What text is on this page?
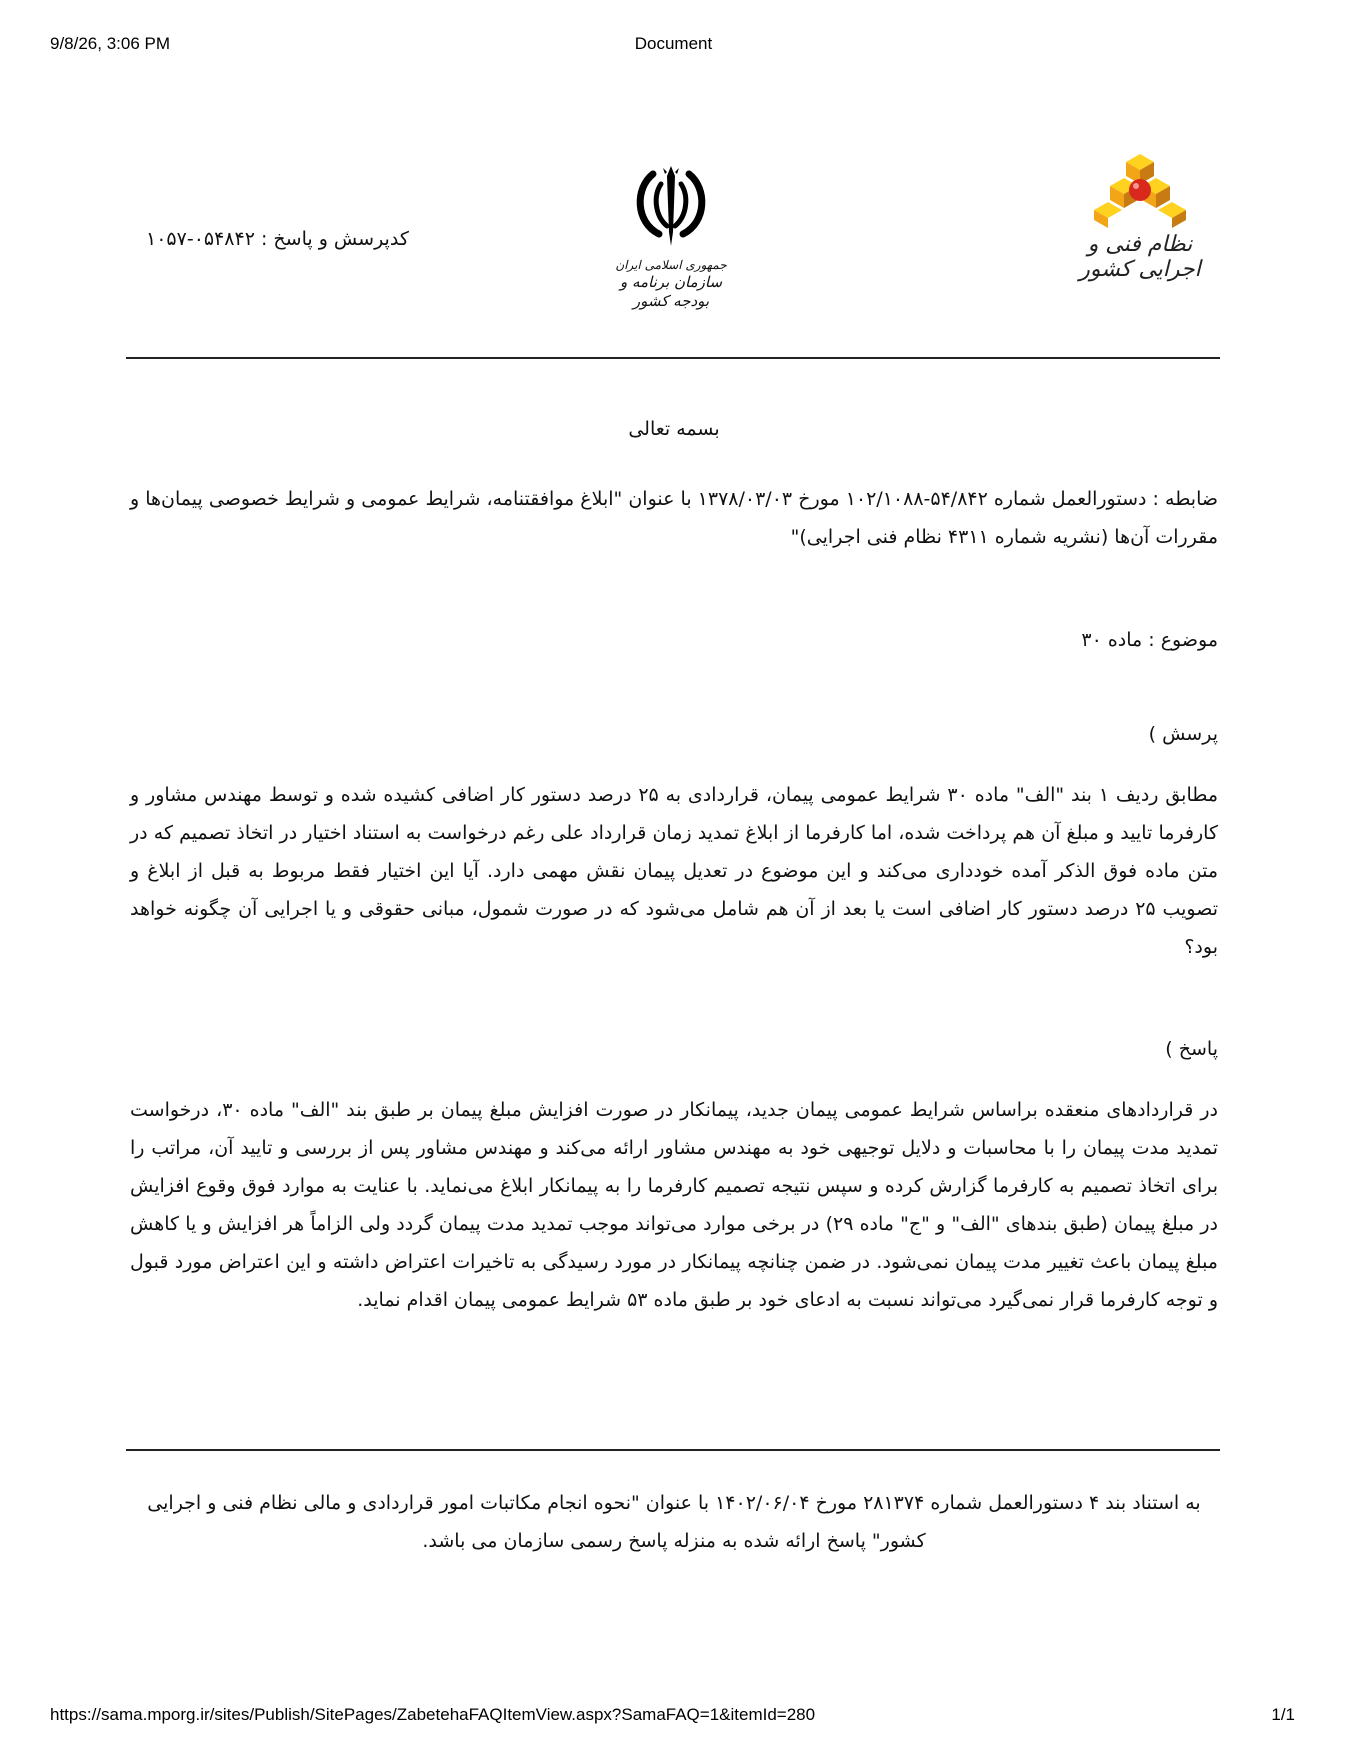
9/8/26, 3:06 PM	Document
کدپرسش و پاسخ : ۰۵۴۸۴۲-۱۰۵۷
جمهوری اسلامی ایران
سازمان برنامه و بودجه کشور
نظام فنی و اجرایی کشور

بسمه تعالی

ضابطه : دستورالعمل شماره ۵۴/۸۴۲-۱۰۲/۱۰۸۸ مورخ ۱۳۷۸/۰۳/۰۳ با عنوان "ابلاغ موافقتنامه، شرایط عمومی و شرایط خصوصی پیمان‌ها و مقررات آن‌ها (نشریه شماره ۴۳۱۱ نظام فنی اجرایی)"

موضوع : ماده ۳۰

پرسش )

مطابق ردیف ۱ بند "الف" ماده ۳۰ شرایط عمومی پیمان، قراردادی به ۲۵ درصد دستور کار اضافی کشیده شده و توسط مهندس مشاور و کارفرما تایید و مبلغ آن هم پرداخت شده، اما کارفرما از ابلاغ تمدید زمان قرارداد علی رغم درخواست به استناد اختیار در اتخاذ تصمیم که در متن ماده فوق الذکر آمده خودداری می‌کند و این موضوع در تعدیل پیمان نقش مهمی دارد. آیا این اختیار فقط مربوط به قبل از ابلاغ و تصویب ۲۵ درصد دستور کار اضافی است یا بعد از آن هم شامل می‌شود که در صورت شمول، مبانی حقوقی و یا اجرایی آن چگونه خواهد بود؟

پاسخ )

در قراردادهای منعقده براساس شرایط عمومی پیمان جدید، پیمانکار در صورت افزایش مبلغ پیمان بر طبق بند "الف" ماده ۳۰، درخواست تمدید مدت پیمان را با محاسبات و دلایل توجیهی خود به مهندس مشاور ارائه می‌کند و مهندس مشاور پس از بررسی و تایید آن، مراتب را برای اتخاذ تصمیم به کارفرما گزارش کرده و سپس نتیجه تصمیم کارفرما را به پیمانکار ابلاغ می‌نماید. با عنایت به موارد فوق وقوع افزایش در مبلغ پیمان (طبق بندهای "الف" و "ج" ماده ۲۹) در برخی موارد می‌تواند موجب تمدید مدت پیمان گردد ولی الزاماً هر افزایش و یا کاهش مبلغ پیمان باعث تغییر مدت پیمان نمی‌شود. در ضمن چنانچه پیمانکار در مورد رسیدگی به تاخیرات اعتراض داشته و این اعتراض مورد قبول و توجه کارفرما قرار نمی‌گیرد می‌تواند نسبت به ادعای خود بر طبق ماده ۵۳ شرایط عمومی پیمان اقدام نماید.

به استناد بند ۴ دستورالعمل شماره ۲۸۱۳۷۴ مورخ ۱۴۰۲/۰۶/۰۴ با عنوان "نحوه انجام مکاتبات امور قراردادی و مالی نظام فنی و اجرایی کشور" پاسخ ارائه شده به منزله پاسخ رسمی سازمان می باشد.

https://sama.mporg.ir/sites/Publish/SitePages/ZabetehaFAQItemView.aspx?SamaFAQ=1&itemId=280	1/1
